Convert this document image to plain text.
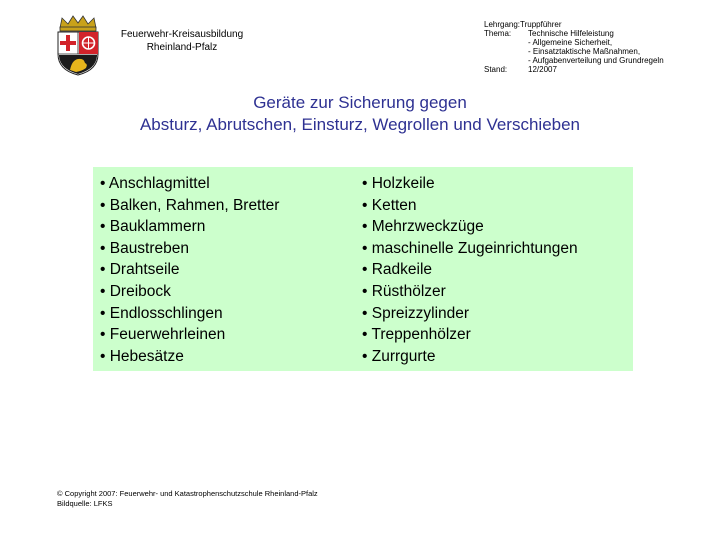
Feuerwehr-Kreisausbildung
Rheinland-Pfalz
Lehrgang: Truppführer
Thema:	Technische Hilfeleistung
- Allgemeine Sicherheit,
- Einsatztaktische Maßnahmen,
- Aufgabenverteilung und Grundregeln
Stand:	12/2007
Geräte zur Sicherung gegen
Absturz, Abrutschen, Einsturz, Wegrollen und Verschieben
• Anschlagmittel
• Balken, Rahmen, Bretter
• Bauklammern
• Baustreben
• Drahtseile
• Dreibock
• Endlosschlingen
• Feuerwehrleinen
• Hebesätze
• Holzkeile
• Ketten
• Mehrzweckzüge
• maschinelle Zugeinrichtungen
• Radkeile
• Rüsthölzer
• Spreizzylinder
• Treppenhölzer
• Zurrgurte
© Copyright 2007: Feuerwehr- und Katastrophenschutzschule Rheinland-Pfalz
Bildquelle: LFKS
